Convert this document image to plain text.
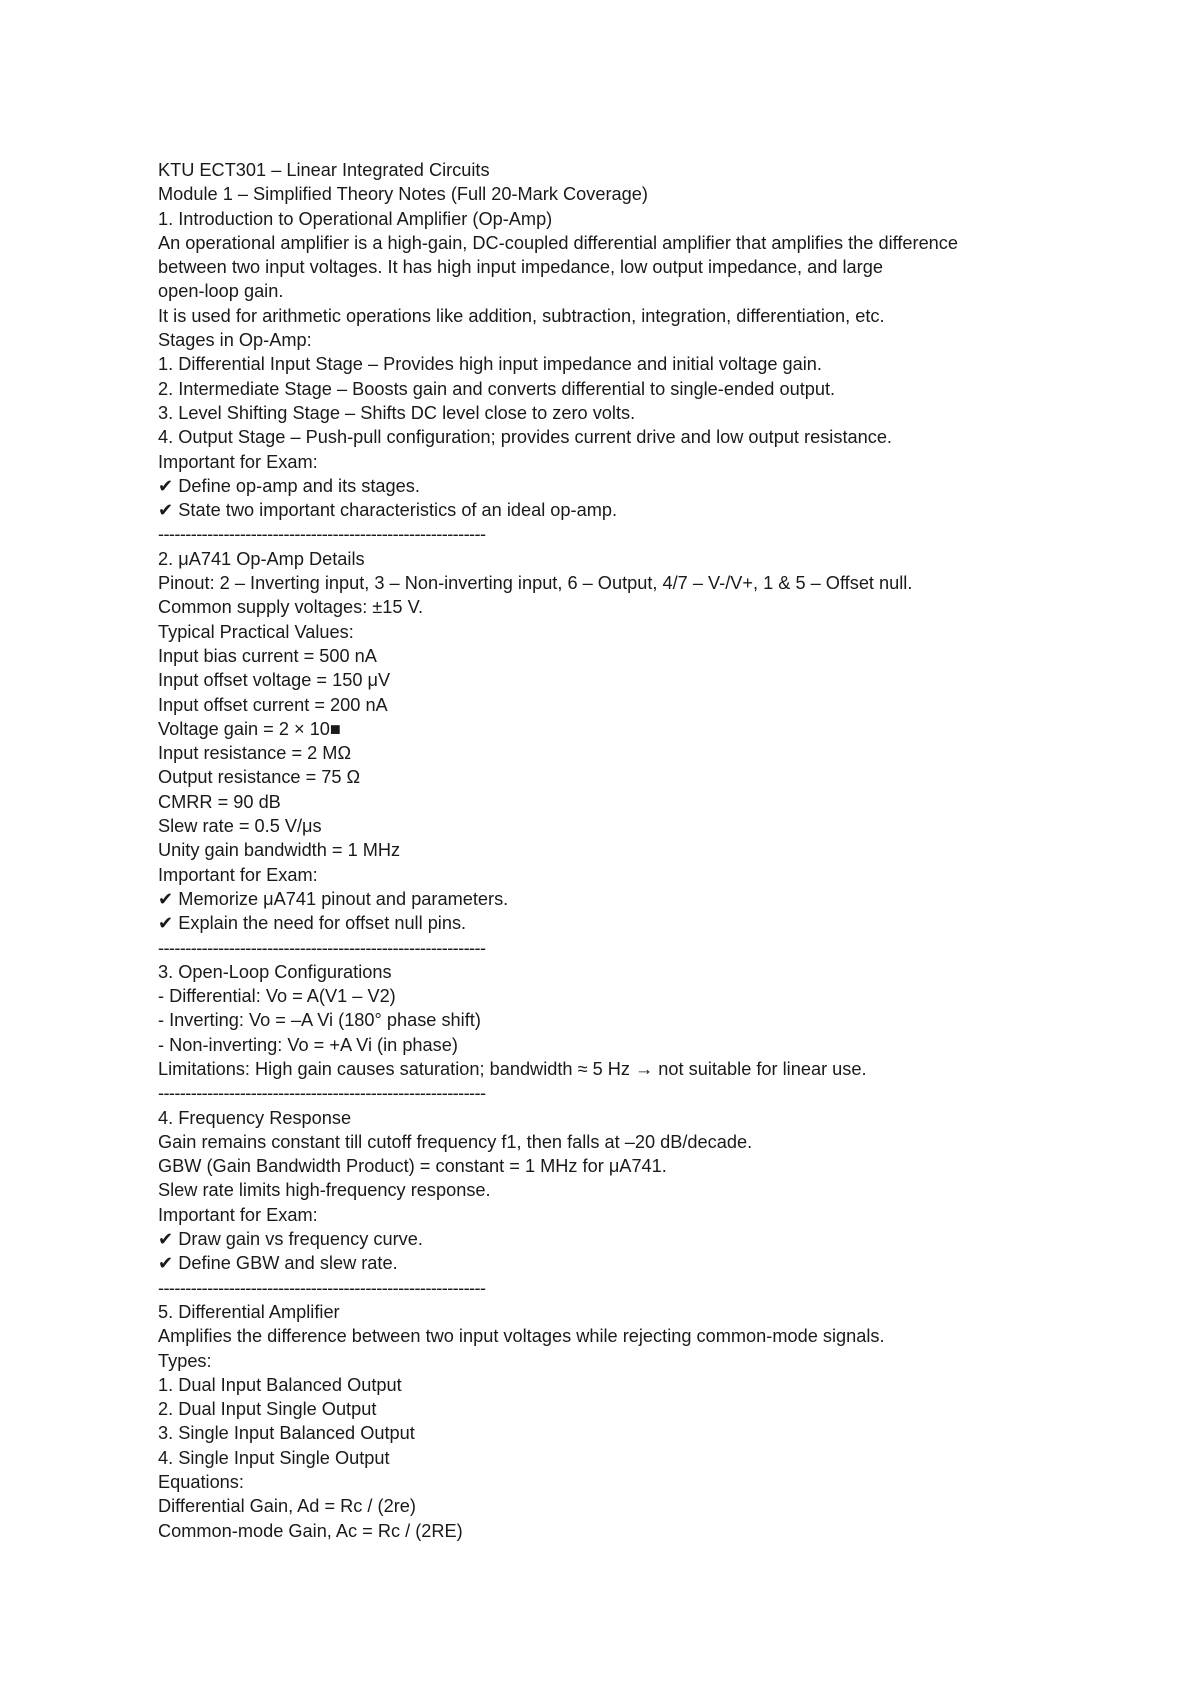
KTU ECT301 – Linear Integrated Circuits
Module 1 – Simplified Theory Notes (Full 20-Mark Coverage)
1. Introduction to Operational Amplifier (Op-Amp)
An operational amplifier is a high-gain, DC-coupled differential amplifier that amplifies the difference
between two input voltages. It has high input impedance, low output impedance, and large
open-loop gain.
It is used for arithmetic operations like addition, subtraction, integration, differentiation, etc.
Stages in Op-Amp:
1. Differential Input Stage – Provides high input impedance and initial voltage gain.
2. Intermediate Stage – Boosts gain and converts differential to single-ended output.
3. Level Shifting Stage – Shifts DC level close to zero volts.
4. Output Stage – Push-pull configuration; provides current drive and low output resistance.
Important for Exam:
✔ Define op-amp and its stages.
✔ State two important characteristics of an ideal op-amp.
------------------------------------------------------------
2. μA741 Op-Amp Details
Pinout: 2 – Inverting input, 3 – Non-inverting input, 6 – Output, 4/7 – V-/V+, 1 & 5 – Offset null.
Common supply voltages: ±15 V.
Typical Practical Values:
Input bias current = 500 nA
Input offset voltage = 150 μV
Input offset current = 200 nA
Voltage gain = 2 × 10■
Input resistance = 2 MΩ
Output resistance = 75 Ω
CMRR = 90 dB
Slew rate = 0.5 V/μs
Unity gain bandwidth = 1 MHz
Important for Exam:
✔ Memorize μA741 pinout and parameters.
✔ Explain the need for offset null pins.
------------------------------------------------------------
3. Open-Loop Configurations
- Differential: Vo = A(V1 – V2)
- Inverting: Vo = –A Vi (180° phase shift)
- Non-inverting: Vo = +A Vi (in phase)
Limitations: High gain causes saturation; bandwidth ≈ 5 Hz → not suitable for linear use.
------------------------------------------------------------
4. Frequency Response
Gain remains constant till cutoff frequency f1, then falls at –20 dB/decade.
GBW (Gain Bandwidth Product) = constant = 1 MHz for μA741.
Slew rate limits high-frequency response.
Important for Exam:
✔ Draw gain vs frequency curve.
✔ Define GBW and slew rate.
------------------------------------------------------------
5. Differential Amplifier
Amplifies the difference between two input voltages while rejecting common-mode signals.
Types:
1. Dual Input Balanced Output
2. Dual Input Single Output
3. Single Input Balanced Output
4. Single Input Single Output
Equations:
Differential Gain, Ad = Rc / (2re)
Common-mode Gain, Ac = Rc / (2RE)
